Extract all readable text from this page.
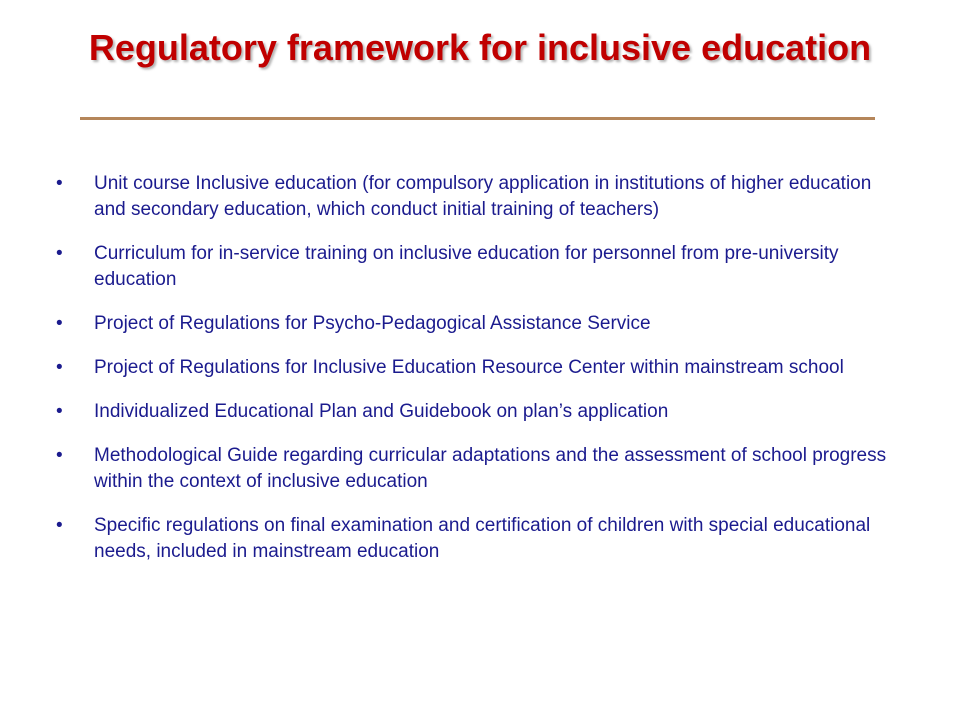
Regulatory framework for inclusive education
•	Unit course Inclusive education (for compulsory application in institutions of higher education and secondary education, which conduct initial training of teachers)
•	Curriculum for in-service training on inclusive education for personnel from pre-university education
•	Project of Regulations for Psycho-Pedagogical Assistance Service
•	Project of Regulations for Inclusive Education Resource Center within mainstream school
•	Individualized Educational Plan and Guidebook on plan’s application
•	Methodological Guide regarding curricular adaptations and the assessment of school progress within the context of inclusive education
•	Specific regulations on final examination and certification of children with special educational needs, included in mainstream education
